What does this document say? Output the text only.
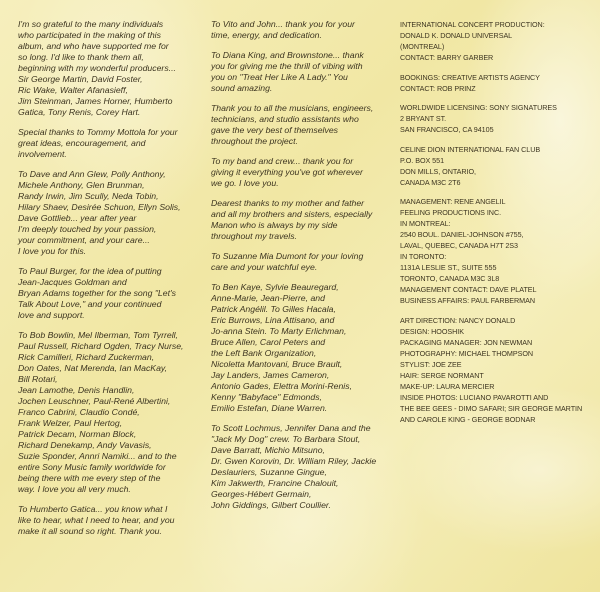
I'm so grateful to the many individuals
who participated in the making of this
album, and who have supported me for
so long. I'd like to thank them all,
beginning with my wonderful producers...
Sir George Martin, David Foster,
Ric Wake, Walter Afanasieff,
Jim Steinman, James Horner, Humberto
Gatica, Tony Renis, Corey Hart.

Special thanks to Tommy Mottola for your
great ideas, encouragement, and
involvement.

To Dave and Ann Glew, Polly Anthony,
Michele Anthony, Glen Brunman,
Randy Irwin, Jim Scully, Neda Tobin,
Hilary Shaev, Desirée Schuon, Ellyn Solis,
Dave Gottlieb... year after year
I'm deeply touched by your passion,
your commitment, and your care...
I love you for this.

To Paul Burger, for the idea of putting
Jean-Jacques Goldman and
Bryan Adams together for the song "Let's
Talk About Love," and your continued
love and support.

To Bob Bowlin, Mel Ilberman, Tom Tyrrell,
Paul Russell, Richard Ogden, Tracy Nurse,
Rick Camilleri, Richard Zuckerman,
Don Oates, Nat Merenda, Ian MacKay,
Bill Rotari,
Jean Lamothe, Denis Handlin,
Jochen Leuschner, Paul-René Albertini,
Franco Cabrini, Claudio Condé,
Frank Welzer, Paul Hertog,
Patrick Decam, Norman Block,
Richard Denekamp, Andy Vavasis,
Suzie Sponder, Annri Namiki... and to the
entire Sony Music family worldwide for
being there with me every step of the
way. I love you all very much.

To Humberto Gatica... you know what I
like to hear, what I need to hear, and you
make it all sound so right. Thank you.

To Vito and John... thank you for your
time, energy, and dedication.

To Diana King, and Brownstone... thank
you for giving me the thrill of vibing with
you on "Treat Her Like A Lady." You
sound amazing.

Thank you to all the musicians, engineers,
technicians, and studio assistants who
gave the very best of themselves
throughout the project.

To my band and crew... thank you for
giving it everything you've got wherever
we go. I love you.

Dearest thanks to my mother and father
and all my brothers and sisters, especially
Manon who is always by my side
throughout my travels.

To Suzanne Mia Dumont for your loving
care and your watchful eye.

To Ben Kaye, Sylvie Beauregard,
Anne-Marie, Jean-Pierre, and
Patrick Angélil. To Gilles Hacala,
Eric Burrows, Lina Attisano, and
Jo-anna Stein. To Marty Erlichman,
Bruce Allen, Carol Peters and
the Left Bank Organization,
Nicoletta Mantovani, Bruce Brault,
Jay Landers, James Cameron,
Antonio Gades, Elettra Morini-Renis,
Kenny "Babyface" Edmonds,
Emilio Estefan, Diane Warren.

To Scott Lochmus, Jennifer Dana and the
"Jack My Dog" crew. To Barbara Stout,
Dave Barratt, Michio Mitsuno,
Dr. Gwen Korovin, Dr. William Riley, Jackie
Deslauriers, Suzanne Gingue,
Kim Jakwerth, Francine Chalouit,
Georges-Hébert Germain,
John Giddings, Gilbert Coullier.

INTERNATIONAL CONCERT PRODUCTION:
DONALD K. DONALD UNIVERSAL
(MONTREAL)
CONTACT: BARRY GARBER

BOOKINGS: CREATIVE ARTISTS AGENCY
CONTACT: ROB PRINZ

WORLDWIDE LICENSING: SONY SIGNATURES
2 BRYANT ST.
SAN FRANCISCO, CA 94105

CELINE DION INTERNATIONAL FAN CLUB
P.O. BOX 551
DON MILLS, ONTARIO,
CANADA M3C 2T6

MANAGEMENT: RENE ANGELIL
FEELING PRODUCTIONS INC.
IN MONTREAL:
2540 BOUL. DANIEL-JOHNSON #755,
LAVAL, QUEBEC, CANADA H7T 2S3
IN TORONTO:
1131A LESLIE ST., SUITE 555
TORONTO, CANADA M3C 3L8
MANAGEMENT CONTACT: DAVE PLATEL
BUSINESS AFFAIRS: PAUL FARBERMAN

ART DIRECTION: NANCY DONALD
DESIGN: HOOSHIK
PACKAGING MANAGER: JON NEWMAN
PHOTOGRAPHY: MICHAEL THOMPSON
STYLIST: JOE ZEE
HAIR: SERGE NORMANT
MAKE-UP: LAURA MERCIER
INSIDE PHOTOS: LUCIANO PAVAROTTI AND
THE BEE GEES - DIMO SAFARI; SIR GEORGE MARTIN
AND CAROLE KING - GEORGE BODNAR
